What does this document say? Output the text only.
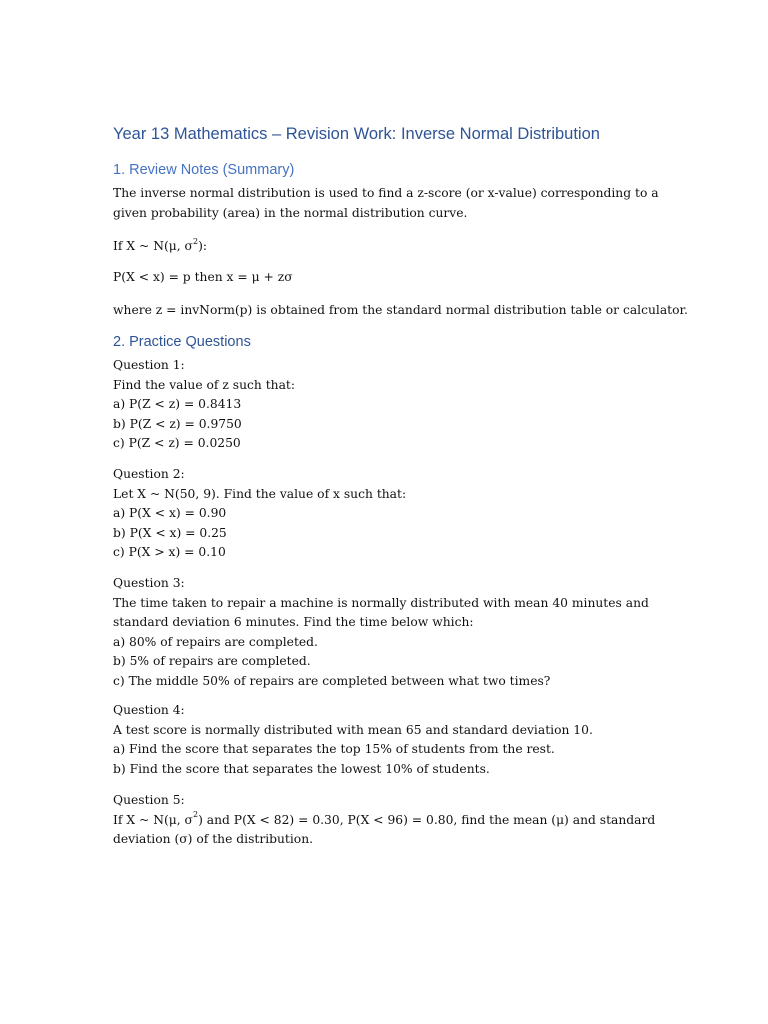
Year 13 Mathematics – Revision Work: Inverse Normal Distribution
1. Review Notes (Summary)
The inverse normal distribution is used to find a z-score (or x-value) corresponding to a
given probability (area) in the normal distribution curve.
If X ~ N(μ, $\sigma^2$):
P(X < x) = p then x = μ + zσ
where z = invNorm(p) is obtained from the standard normal distribution table or calculator.
2. Practice Questions
Question 1:
Find the value of z such that:
a) P(Z < z) = 0.8413
b) P(Z < z) = 0.9750
c) P(Z < z) = 0.0250
Question 2:
Let X ~ N(50, 9). Find the value of x such that:
a) P(X < x) = 0.90
b) P(X < x) = 0.25
c) P(X > x) = 0.10
Question 3:
The time taken to repair a machine is normally distributed with mean 40 minutes and
standard deviation 6 minutes. Find the time below which:
a) 80% of repairs are completed.
b) 5% of repairs are completed.
c) The middle 50% of repairs are completed between what two times?
Question 4:
A test score is normally distributed with mean 65 and standard deviation 10.
a) Find the score that separates the top 15% of students from the rest.
b) Find the score that separates the lowest 10% of students.
Question 5:
If X ~ N(μ, $\sigma^2$) and P(X < 82) = 0.30, P(X < 96) = 0.80, find the mean (μ) and standard
deviation (σ) of the distribution.
